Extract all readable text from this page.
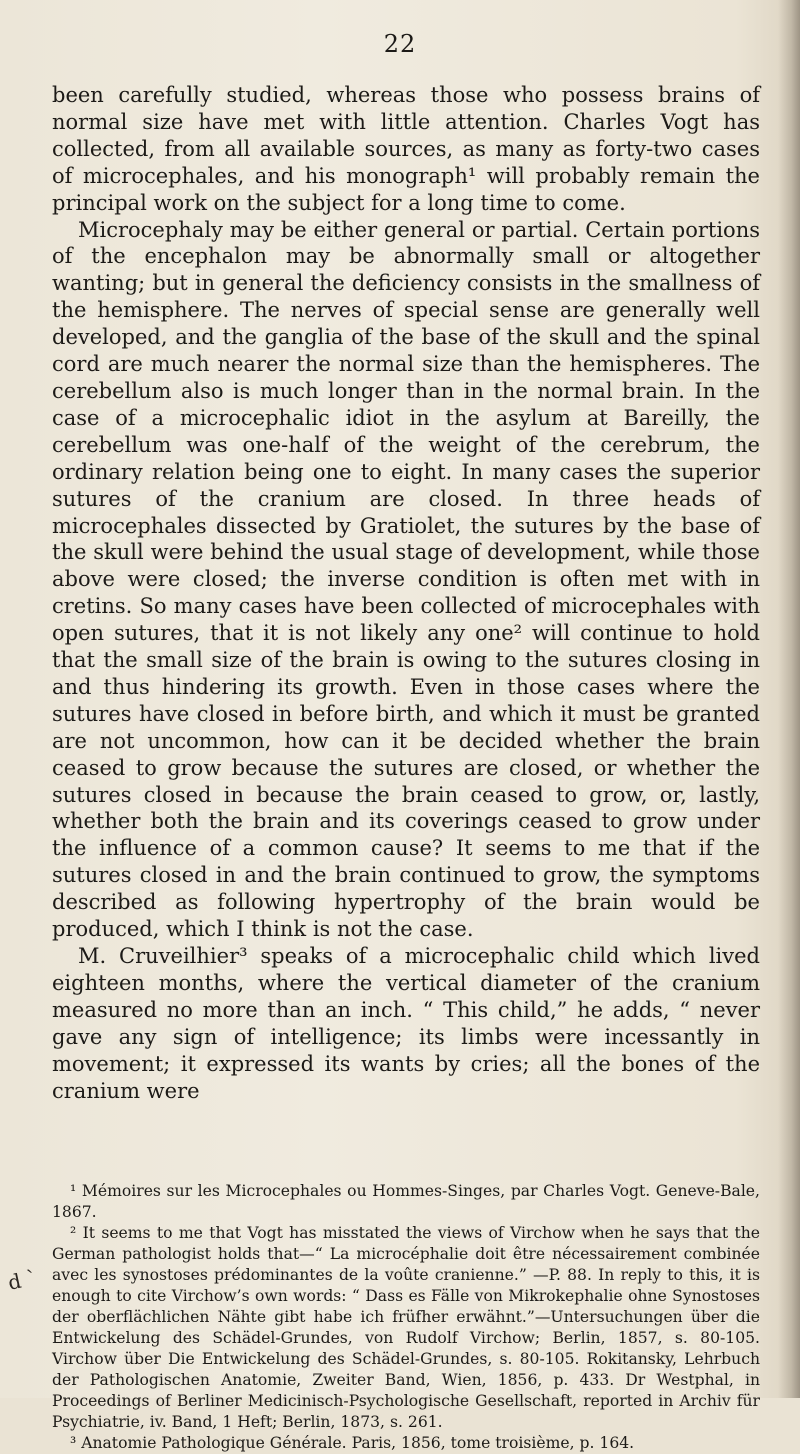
22

been carefully studied, whereas those who possess brains of normal size have met with little attention. Charles Vogt has collected, from all available sources, as many as forty-two cases of microcephales, and his monograph¹ will probably remain the principal work on the subject for a long time to come.

Microcephaly may be either general or partial. Certain portions of the encephalon may be abnormally small or altogether wanting; but in general the deficiency consists in the smallness of the hemisphere. The nerves of special sense are generally well developed, and the ganglia of the base of the skull and the spinal cord are much nearer the normal size than the hemispheres. The cerebellum also is much longer than in the normal brain. In the case of a microcephalic idiot in the asylum at Bareilly, the cerebellum was one-half of the weight of the cerebrum, the ordinary relation being one to eight. In many cases the superior sutures of the cranium are closed. In three heads of microcephales dissected by Gratiolet, the sutures by the base of the skull were behind the usual stage of development, while those above were closed; the inverse condition is often met with in cretins. So many cases have been collected of microcephales with open sutures, that it is not likely any one² will continue to hold that the small size of the brain is owing to the sutures closing in and thus hindering its growth. Even in those cases where the sutures have closed in before birth, and which it must be granted are not uncommon, how can it be decided whether the brain ceased to grow because the sutures are closed, or whether the sutures closed in because the brain ceased to grow, or, lastly, whether both the brain and its coverings ceased to grow under the influence of a common cause? It seems to me that if the sutures closed in and the brain continued to grow, the symptoms described as following hypertrophy of the brain would be produced, which I think is not the case.

M. Cruveilhier³ speaks of a microcephalic child which lived eighteen months, where the vertical diameter of the cranium measured no more than an inch. “ This child,” he adds, “ never gave any sign of intelligence; its limbs were incessantly in movement; it expressed its wants by cries; all the bones of the cranium were

¹ Mémoires sur les Microcephales ou Hommes-Singes, par Charles Vogt. Geneve-Bale, 1867.

² It seems to me that Vogt has misstated the views of Virchow when he says that the German pathologist holds that—“ La microcéphalie doit être nécessairement combinée avec les synostoses prédominantes de la voûte cranienne.” —P. 88. In reply to this, it is enough to cite Virchow’s own words: “ Dass es Fälle von Mikrokephalie ohne Synostoses der oberflächlichen Nähte gibt habe ich früfher erwähnt.”—Untersuchungen über die Entwickelung des Schädel-Grundes, von Rudolf Virchow; Berlin, 1857, s. 80-105. Virchow über Die Entwickelung des Schädel-Grundes, s. 80-105. Rokitansky, Lehrbuch der Pathologischen Anatomie, Zweiter Band, Wien, 1856, p. 433. Dr Westphal, in Proceedings of Berliner Medicinisch-Psychologische Gesellschaft, reported in Archiv für Psychiatrie, iv. Band, 1 Heft; Berlin, 1873, s. 261.

³ Anatomie Pathologique Générale. Paris, 1856, tome troisième, p. 164.

d ˋ
